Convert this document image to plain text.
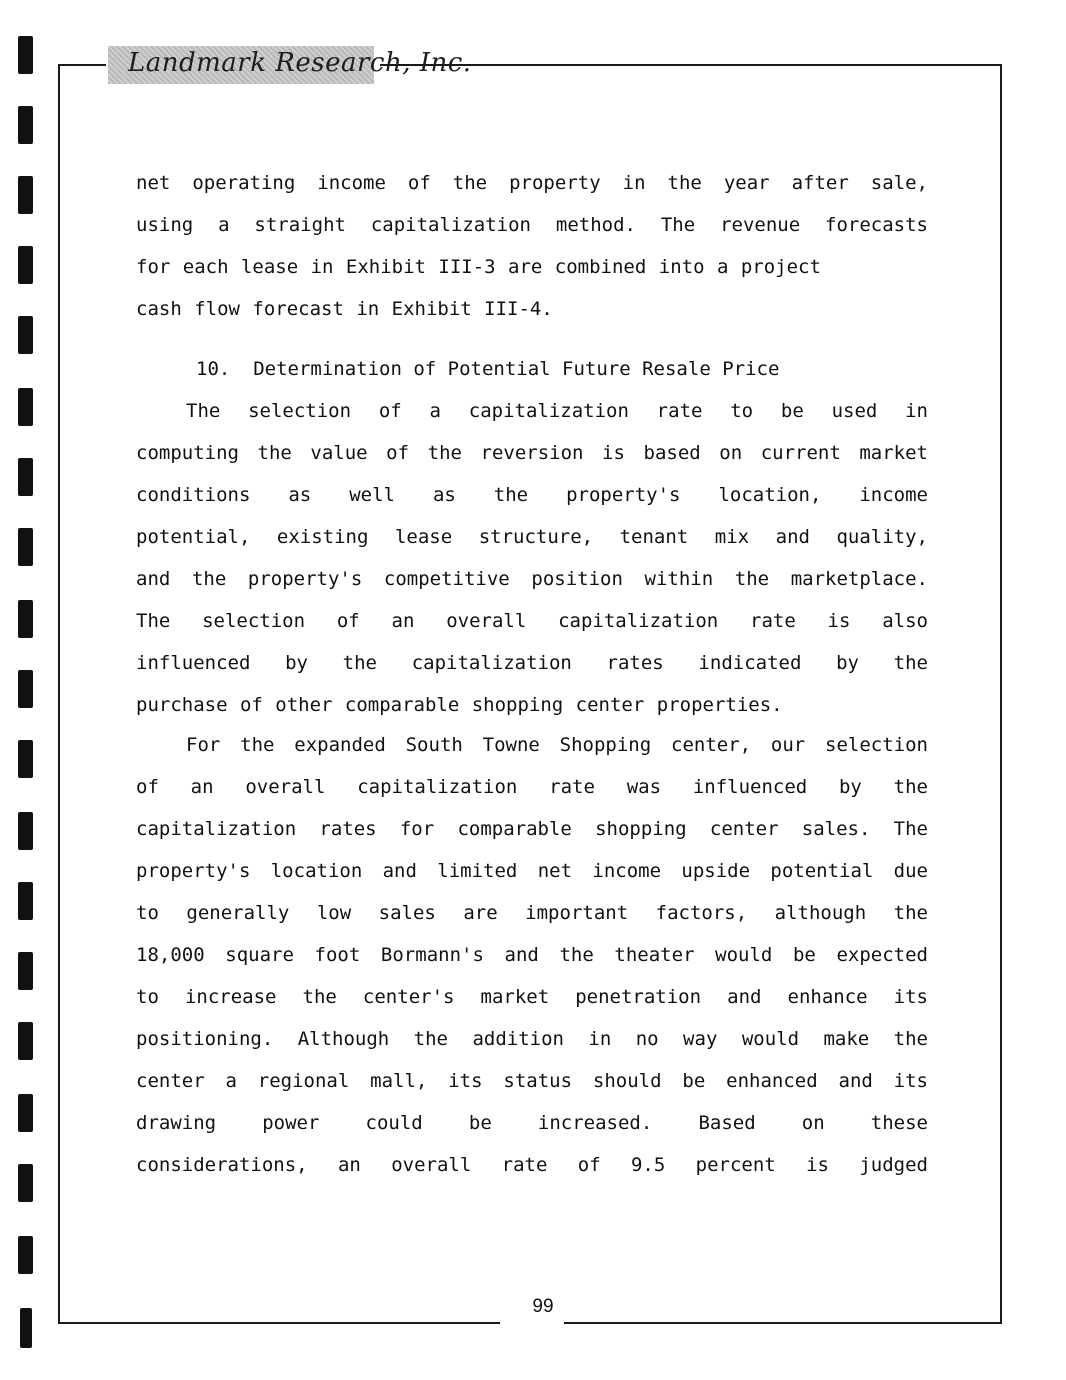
Landmark Research, Inc.
net operating income of the property in the year after sale,
using a straight capitalization method. The revenue forecasts
for each lease in Exhibit III-3 are combined into a project
cash flow forecast in Exhibit III-4.
10.  Determination of Potential Future Resale Price
The selection of a capitalization rate to be used in
computing the value of the reversion is based on current market
conditions as well as the property's location, income
potential, existing lease structure, tenant mix and quality,
and the property's competitive position within the marketplace.
The selection of an overall capitalization rate is also
influenced by the capitalization rates indicated by the
purchase of other comparable shopping center properties.
For the expanded South Towne Shopping center, our selection
of an overall capitalization rate was influenced by the
capitalization rates for comparable shopping center sales. The
property's location and limited net income upside potential due
to generally low sales are important factors, although the
18,000 square foot Bormann's and the theater would be expected
to increase the center's market penetration and enhance its
positioning. Although the addition in no way would make the
center a regional mall, its status should be enhanced and its
drawing power could be increased. Based on these
considerations, an overall rate of 9.5 percent is judged
99
